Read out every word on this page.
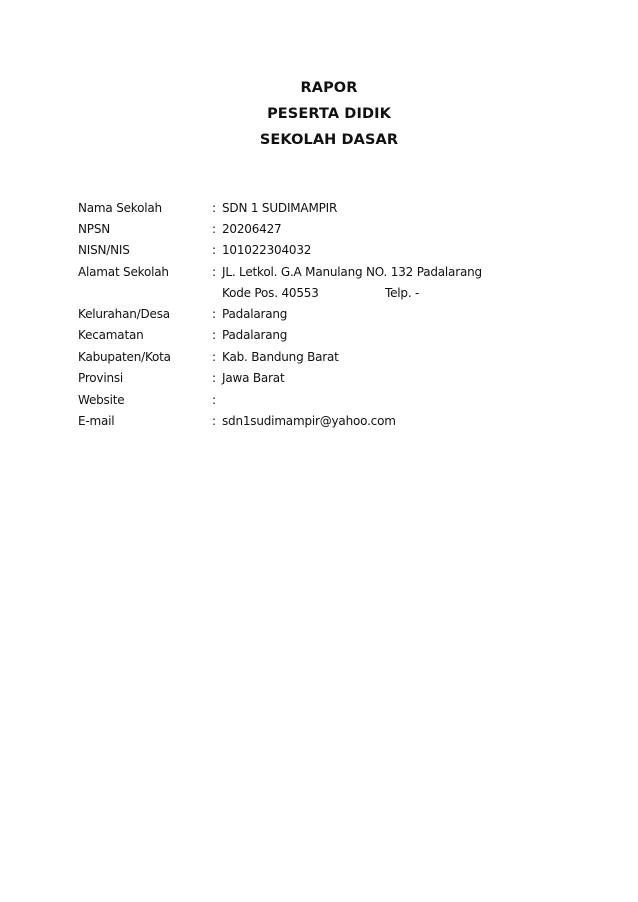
RAPOR
PESERTA DIDIK
SEKOLAH DASAR
Nama Sekolah	: SDN 1 SUDIMAMPIR
NPSN	: 20206427
NISN/NIS	: 101022304032
Alamat Sekolah	: JL. Letkol. G.A Manulang NO. 132 Padalarang
Kode Pos. 40553	Telp. -
Kelurahan/Desa	: Padalarang
Kecamatan	: Padalarang
Kabupaten/Kota	: Kab. Bandung Barat
Provinsi	: Jawa Barat
Website	:
E-mail	: sdn1sudimampir@yahoo.com
